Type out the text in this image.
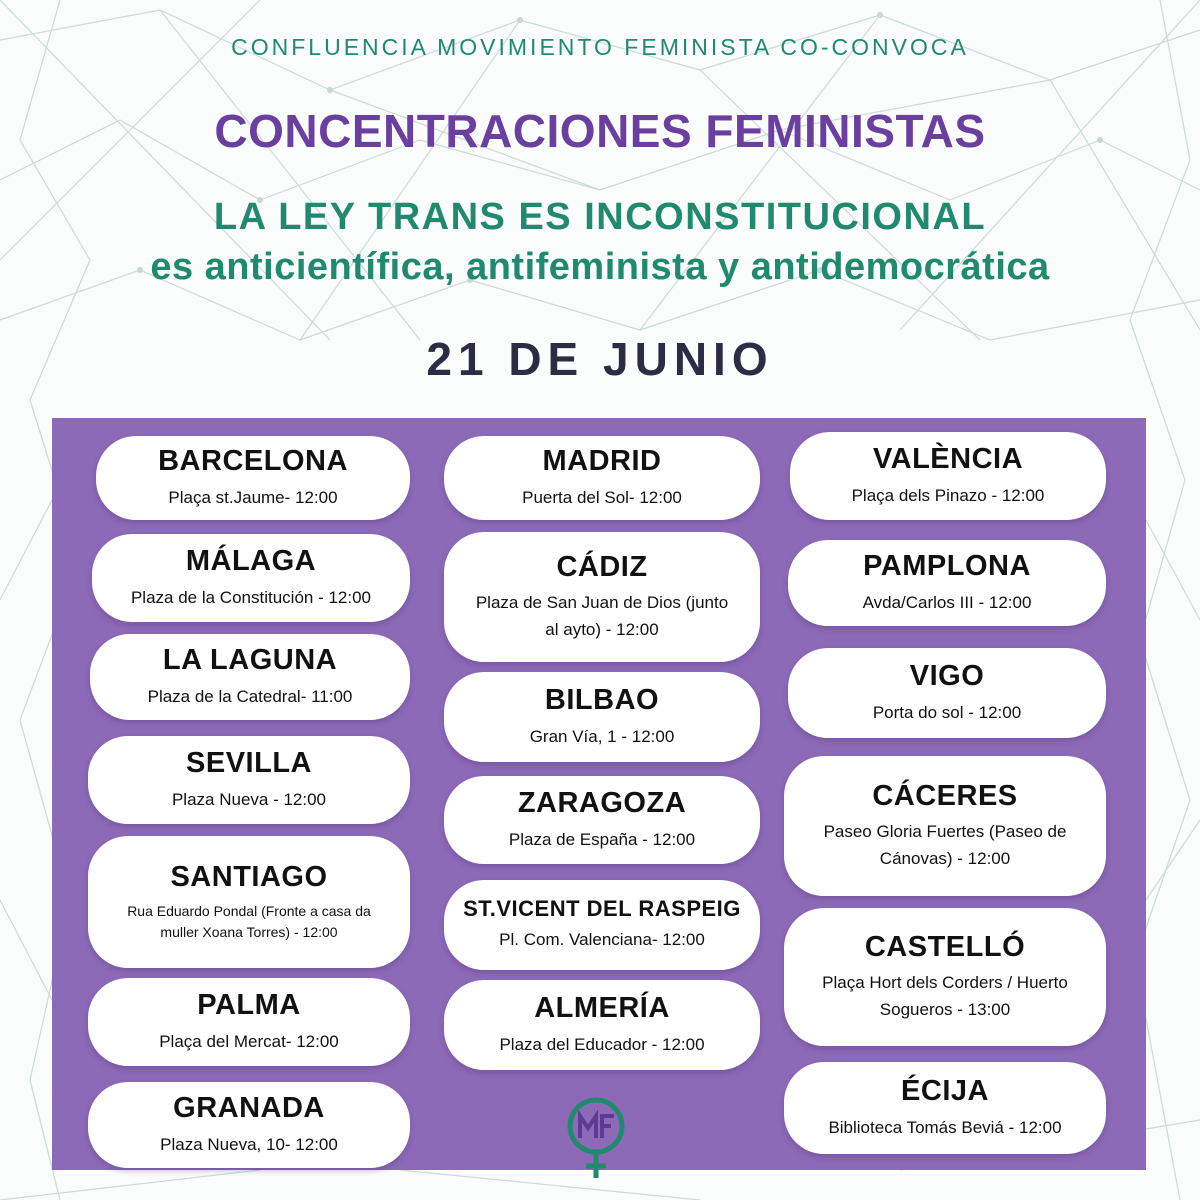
CONFLUENCIA MOVIMIENTO FEMINISTA CO-CONVOCA
CONCENTRACIONES FEMINISTAS
LA LEY TRANS ES INCONSTITUCIONAL
es anticientífica, antifeminista y antidemocrática
21 DE JUNIO
BARCELONA
Plaça st.Jaume- 12:00
MÁLAGA
Plaza de la Constitución - 12:00
LA LAGUNA
Plaza de la Catedral- 11:00
SEVILLA
Plaza Nueva - 12:00
SANTIAGO
Rua Eduardo Pondal (Fronte a casa da muller Xoana Torres) - 12:00
PALMA
Plaça del Mercat- 12:00
GRANADA
Plaza Nueva, 10- 12:00
MADRID
Puerta del Sol- 12:00
CÁDIZ
Plaza de San Juan de Dios (junto al ayto) - 12:00
BILBAO
Gran Vía, 1 - 12:00
ZARAGOZA
Plaza de España - 12:00
ST.VICENT DEL RASPEIG
Pl. Com. Valenciana- 12:00
ALMERÍA
Plaza del Educador - 12:00
VALÈNCIA
Plaça dels Pinazo - 12:00
PAMPLONA
Avda/Carlos III - 12:00
VIGO
Porta do sol - 12:00
CÁCERES
Paseo Gloria Fuertes (Paseo de Cánovas) - 12:00
CASTELLÓ
Plaça Hort dels Corders / Huerto Sogueros - 13:00
ÉCIJA
Biblioteca Tomás Beviá - 12:00
